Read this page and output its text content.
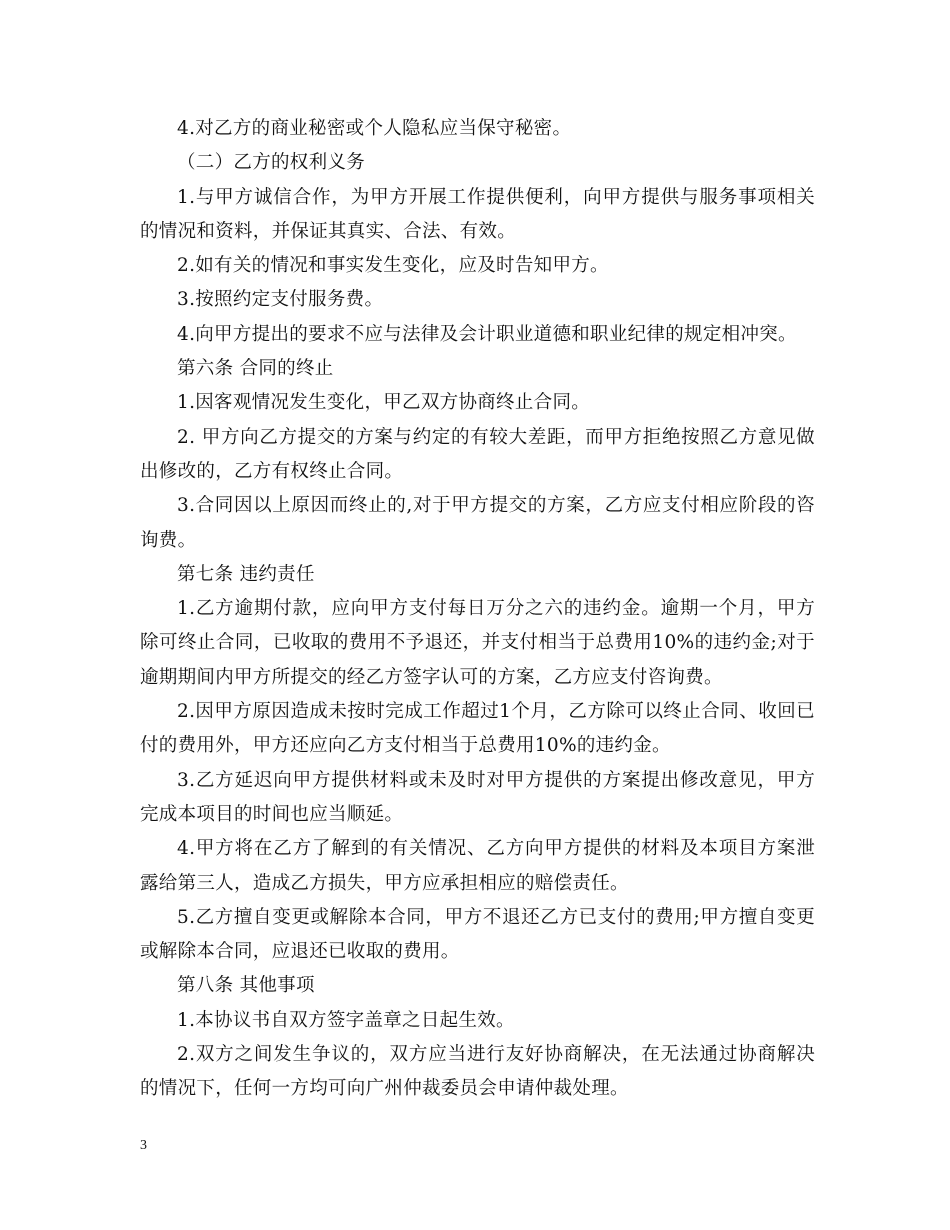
4.对乙方的商业秘密或个人隐私应当保守秘密。

（二）乙方的权利义务

1.与甲方诚信合作，为甲方开展工作提供便利，向甲方提供与服务事项相关的情况和资料，并保证其真实、合法、有效。

2.如有关的情况和事实发生变化，应及时告知甲方。

3.按照约定支付服务费。

4.向甲方提出的要求不应与法律及会计职业道德和职业纪律的规定相冲突。

第六条 合同的终止

1.因客观情况发生变化，甲乙双方协商终止合同。

2. 甲方向乙方提交的方案与约定的有较大差距，而甲方拒绝按照乙方意见做出修改的，乙方有权终止合同。

3.合同因以上原因而终止的,对于甲方提交的方案，乙方应支付相应阶段的咨询费。

第七条 违约责任

1.乙方逾期付款，应向甲方支付每日万分之六的违约金。逾期一个月，甲方除可终止合同，已收取的费用不予退还，并支付相当于总费用10%的违约金;对于逾期期间内甲方所提交的经乙方签字认可的方案，乙方应支付咨询费。

2.因甲方原因造成未按时完成工作超过1个月，乙方除可以终止合同、收回已付的费用外，甲方还应向乙方支付相当于总费用10%的违约金。

3.乙方延迟向甲方提供材料或未及时对甲方提供的方案提出修改意见，甲方完成本项目的时间也应当顺延。

4.甲方将在乙方了解到的有关情况、乙方向甲方提供的材料及本项目方案泄露给第三人，造成乙方损失，甲方应承担相应的赔偿责任。

5.乙方擅自变更或解除本合同，甲方不退还乙方已支付的费用;甲方擅自变更或解除本合同，应退还已收取的费用。

第八条 其他事项

1.本协议书自双方签字盖章之日起生效。

2.双方之间发生争议的，双方应当进行友好协商解决，在无法通过协商解决的情况下，任何一方均可向广州仲裁委员会申请仲裁处理。

3
